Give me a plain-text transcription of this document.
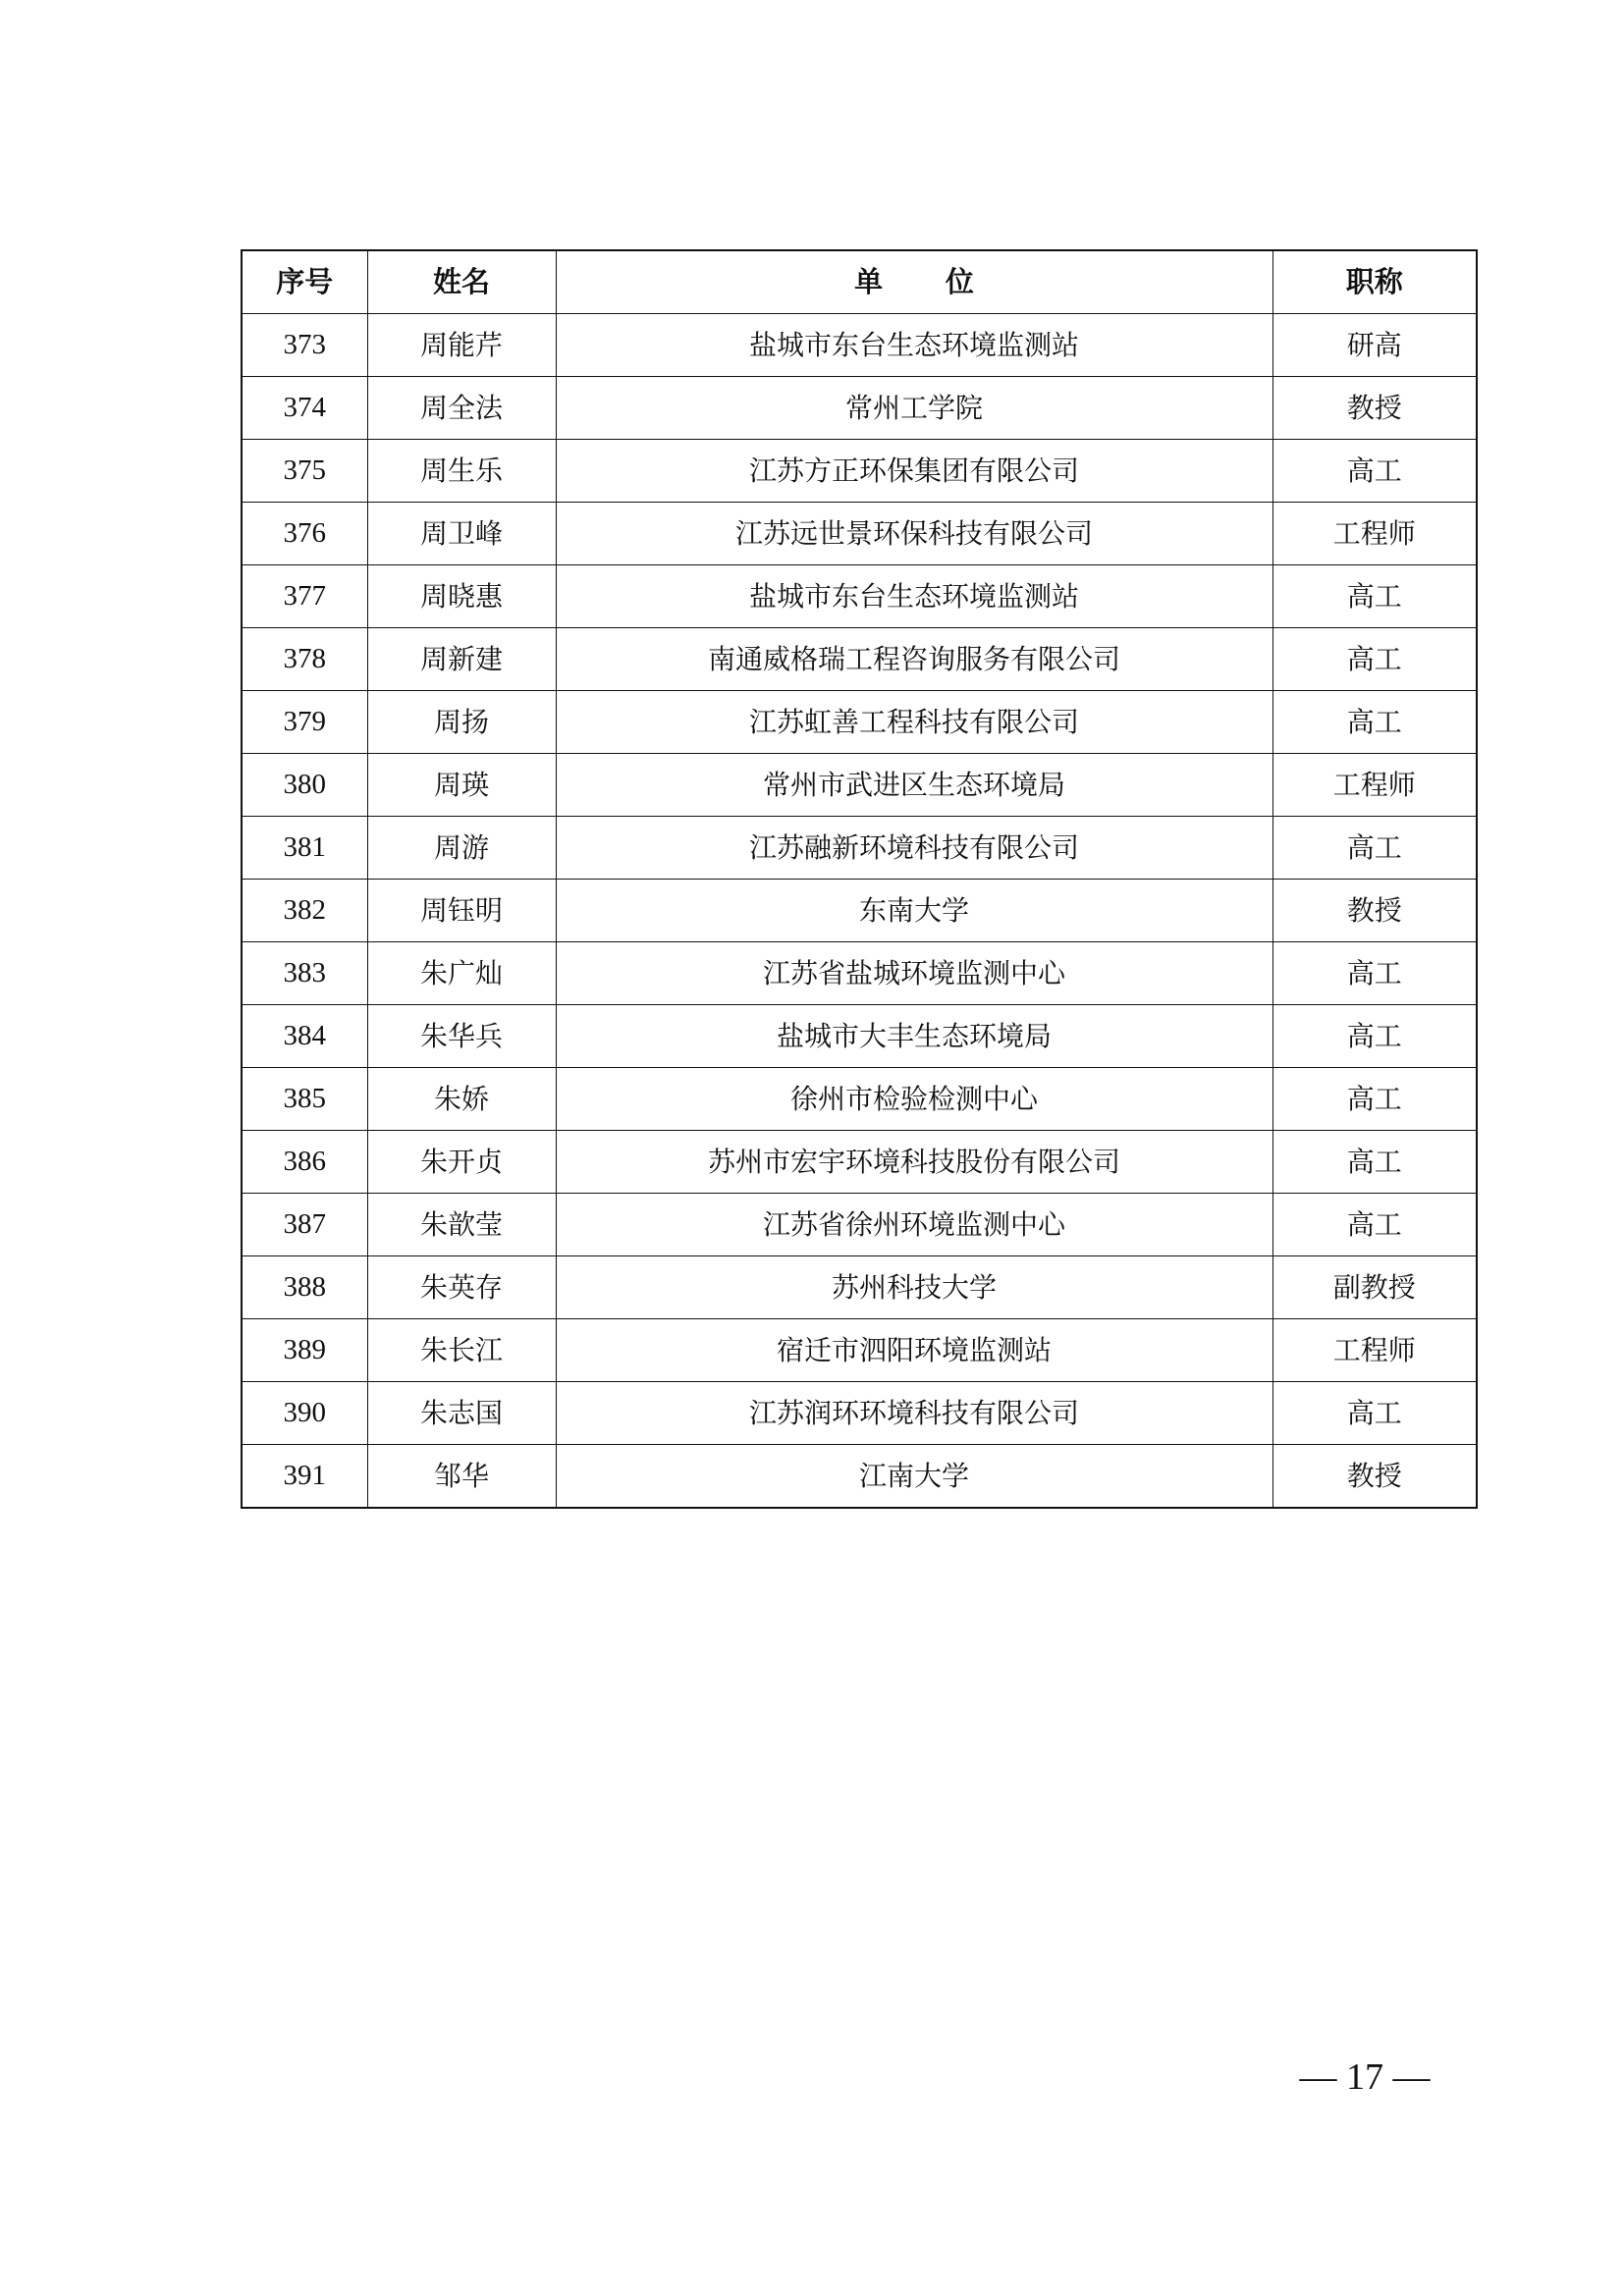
序号	姓名	单位	职称
373	周能芹	盐城市东台生态环境监测站	研高
374	周全法	常州工学院	教授
375	周生乐	江苏方正环保集团有限公司	高工
376	周卫峰	江苏远世景环保科技有限公司	工程师
377	周晓惠	盐城市东台生态环境监测站	高工
378	周新建	南通威格瑞工程咨询服务有限公司	高工
379	周扬	江苏虹善工程科技有限公司	高工
380	周瑛	常州市武进区生态环境局	工程师
381	周游	江苏融新环境科技有限公司	高工
382	周钰明	东南大学	教授
383	朱广灿	江苏省盐城环境监测中心	高工
384	朱华兵	盐城市大丰生态环境局	高工
385	朱娇	徐州市检验检测中心	高工
386	朱开贞	苏州市宏宇环境科技股份有限公司	高工
387	朱歆莹	江苏省徐州环境监测中心	高工
388	朱英存	苏州科技大学	副教授
389	朱长江	宿迁市泗阳环境监测站	工程师
390	朱志国	江苏润环环境科技有限公司	高工
391	邹华	江南大学	教授
— 17 —
